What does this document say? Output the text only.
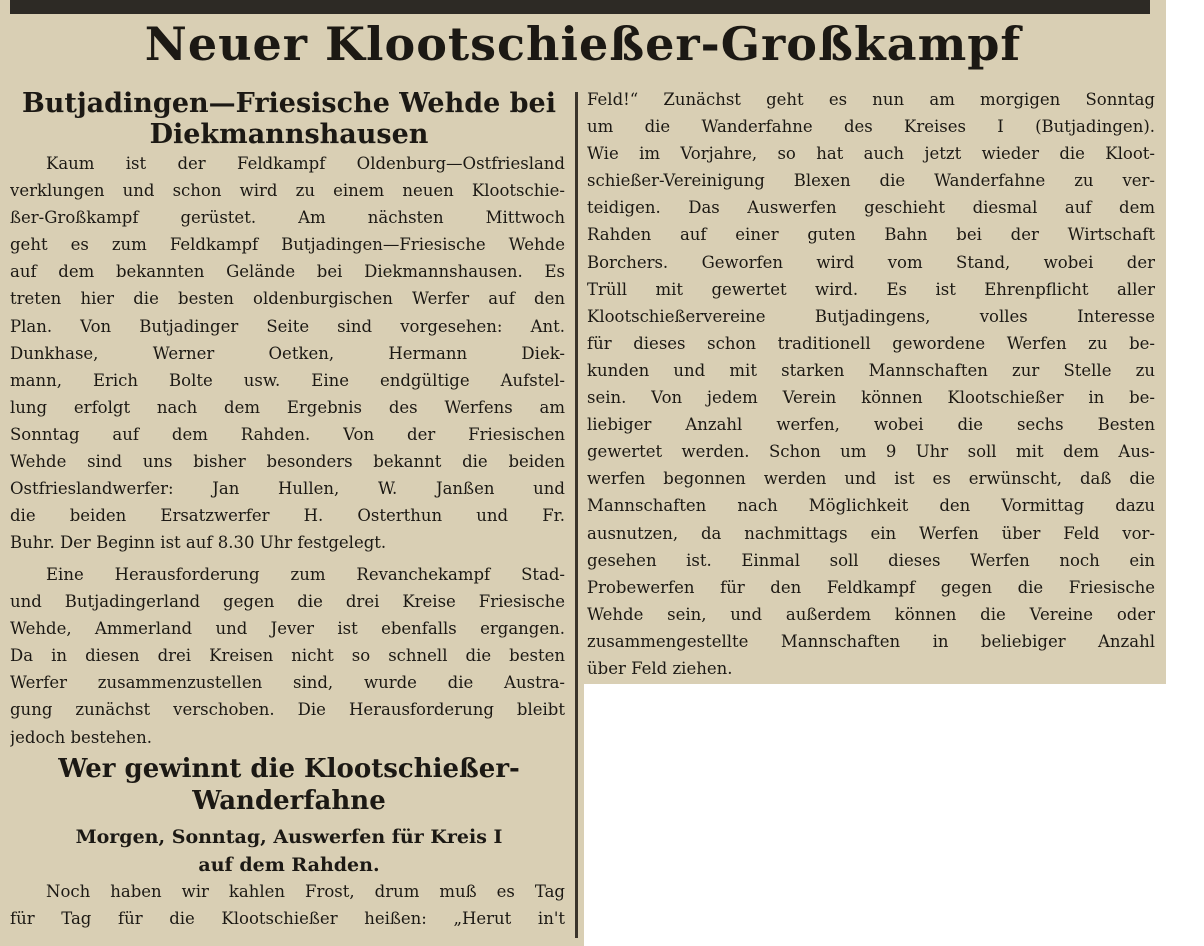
Neuer Klootschießer-Großkampf
Butjadingen—Friesische Wehde bei
Diekmannshausen
Kaum ist der Feldkampf Oldenburg—Ostfriesland
verklungen und schon wird zu einem neuen Klootschie-
ßer-Großkampf gerüstet. Am nächsten Mittwoch
geht es zum Feldkampf Butjadingen—Friesische Wehde
auf dem bekannten Gelände bei Diekmannshausen. Es
treten hier die besten oldenburgischen Werfer auf den
Plan. Von Butjadinger Seite sind vorgesehen: Ant.
Dunkhase, Werner Oetken, Hermann Diek-
mann, Erich Bolte usw. Eine endgültige Aufstel-
lung erfolgt nach dem Ergebnis des Werfens am
Sonntag auf dem Rahden. Von der Friesischen
Wehde sind uns bisher besonders bekannt die beiden
Ostfrieslandwerfer: Jan Hullen, W. Janßen und
die beiden Ersatzwerfer H. Osterthun und Fr.
Buhr. Der Beginn ist auf 8.30 Uhr festgelegt.
Eine Herausforderung zum Revanchekampf Stad-
und Butjadingerland gegen die drei Kreise Friesische
Wehde, Ammerland und Jever ist ebenfalls ergangen.
Da in diesen drei Kreisen nicht so schnell die besten
Werfer zusammenzustellen sind, wurde die Austra-
gung zunächst verschoben. Die Herausforderung bleibt
jedoch bestehen.
Wer gewinnt die Klootschießer-
Wanderfahne
Morgen, Sonntag, Auswerfen für Kreis I
auf dem Rahden.
Noch haben wir kahlen Frost, drum muß es Tag
für Tag für die Klootschießer heißen: „Herut in't
Feld!“ Zunächst geht es nun am morgigen Sonntag
um die Wanderfahne des Kreises I (Butjadingen).
Wie im Vorjahre, so hat auch jetzt wieder die Kloot-
schießer-Vereinigung Blexen die Wanderfahne zu ver-
teidigen. Das Auswerfen geschieht diesmal auf dem
Rahden auf einer guten Bahn bei der Wirtschaft
Borchers. Geworfen wird vom Stand, wobei der
Trüll mit gewertet wird. Es ist Ehrenpflicht aller
Klootschießervereine Butjadingens, volles Interesse
für dieses schon traditionell gewordene Werfen zu be-
kunden und mit starken Mannschaften zur Stelle zu
sein. Von jedem Verein können Klootschießer in be-
liebiger Anzahl werfen, wobei die sechs Besten
gewertet werden. Schon um 9 Uhr soll mit dem Aus-
werfen begonnen werden und ist es erwünscht, daß die
Mannschaften nach Möglichkeit den Vormittag dazu
ausnutzen, da nachmittags ein Werfen über Feld vor-
gesehen ist. Einmal soll dieses Werfen noch ein
Probewerfen für den Feldkampf gegen die Friesische
Wehde sein, und außerdem können die Vereine oder
zusammengestellte Mannschaften in beliebiger Anzahl
über Feld ziehen.
